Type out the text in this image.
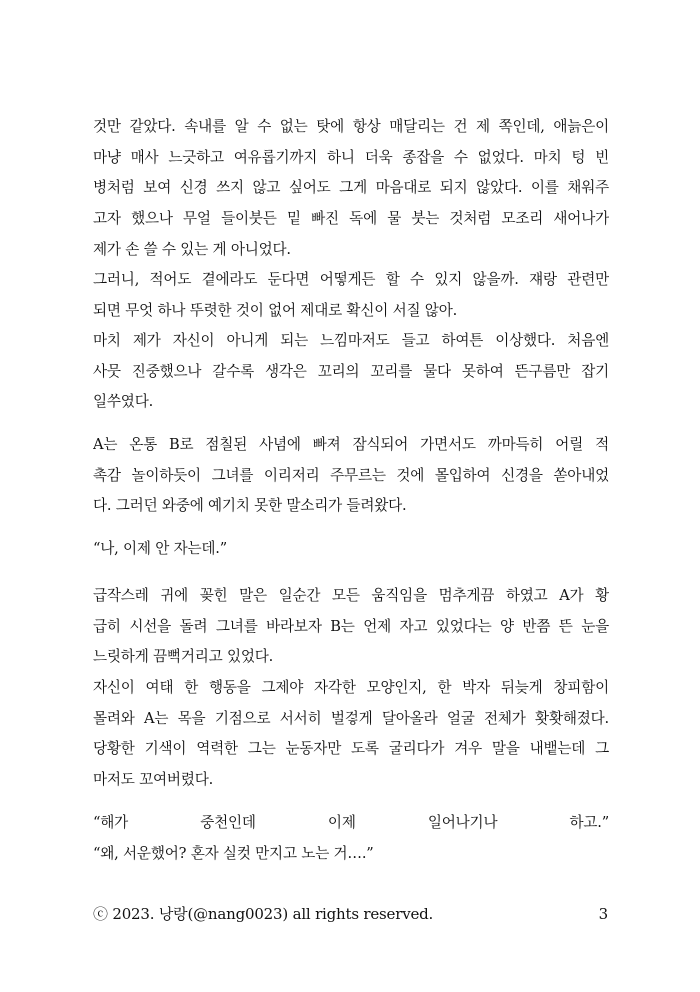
것만 같았다. 속내를 알 수 없는 탓에 항상 매달리는 건 제 쪽인데, 애늙은이
마냥 매사 느긋하고 여유롭기까지 하니 더욱 종잡을 수 없었다. 마치 텅 빈
병처럼 보여 신경 쓰지 않고 싶어도 그게 마음대로 되지 않았다. 이를 채워주
고자 했으나 무얼 들이붓든 밑 빠진 독에 물 붓는 것처럼 모조리 새어나가
제가 손 쓸 수 있는 게 아니었다.
그러니, 적어도 곁에라도 둔다면 어떻게든 할 수 있지 않을까. 쟤랑 관련만
되면 무엇 하나 뚜렷한 것이 없어 제대로 확신이 서질 않아.
마치 제가 자신이 아니게 되는 느낌마저도 들고 하여튼 이상했다. 처음엔
사뭇 진중했으나 갈수록 생각은 꼬리의 꼬리를 물다 못하여 뜬구름만 잡기
일쑤였다.
A는 온통 B로 점칠된 사념에 빠져 잠식되어 가면서도 까마득히 어릴 적
촉감 놀이하듯이 그녀를 이리저리 주무르는 것에 몰입하여 신경을 쏟아내었
다. 그러던 와중에 예기치 못한 말소리가 들려왔다.
“나, 이제 안 자는데.”
급작스레 귀에 꽂힌 말은 일순간 모든 움직임을 멈추게끔 하였고 A가 황
급히 시선을 돌려 그녀를 바라보자 B는 언제 자고 있었다는 양 반쯤 뜬 눈을
느릿하게 끔뻑거리고 있었다.
자신이 여태 한 행동을 그제야 자각한 모양인지, 한 박자 뒤늦게 창피함이
몰려와 A는 목을 기점으로 서서히 벌겋게 달아올라 얼굴 전체가 홧홧해졌다.
당황한 기색이 역력한 그는 눈동자만 도록 굴리다가 겨우 말을 내뱉는데 그
마저도 꼬여버렸다.
“해가 중천인데 이제 일어나기나 하고.”
“왜, 서운했어? 혼자 실컷 만지고 노는 거….”
ⓒ 2023. 낭랑(@nang0023) all rights reserved.	3
